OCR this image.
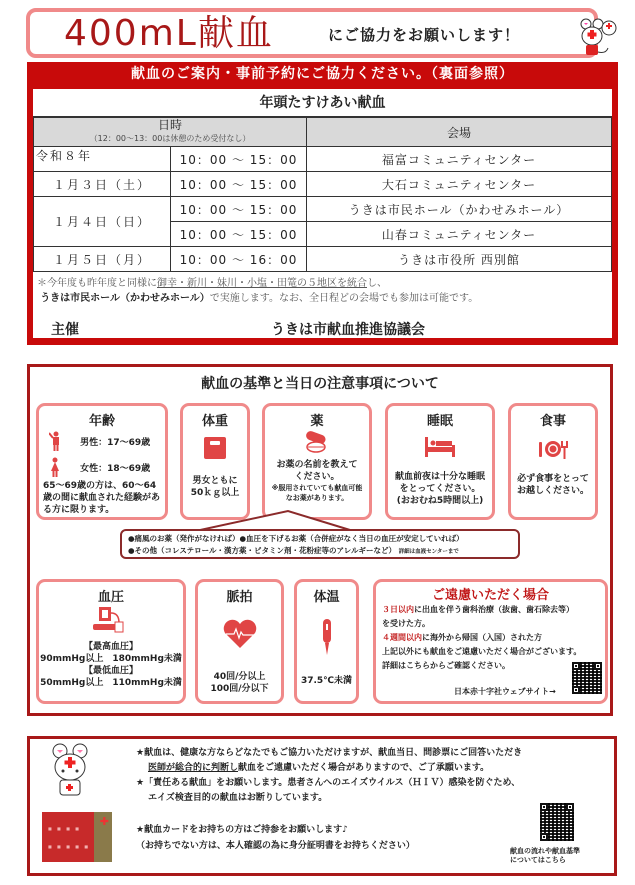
400mL献血	にご協力をお願いします！
献血のご案内・事前予約にご協力ください。（裏面参照）
年頭たすけあい献血
日時
（12：00～13：00は休憩のため受付なし）		会場
令和８年	10：00 ～ 15：00	福富コミュニティセンター
１月３日（土）	10：00 ～ 15：00	大石コミュニティセンター
１月４日（日）	10：00 ～ 15：00	うきは市民ホール（かわせみホール）
	10：00 ～ 15：00	山春コミュニティセンター
１月５日（月）	10：00 ～ 16：00	うきは市役所 西別館
＊今年度も昨年度と同様に御幸・新川・妹川・小塩・田篭の５地区を統合し、
うきは市民ホール（かわせみホール）で実施します。なお、全日程どの会場でも参加は可能です。
主催	うきは市献血推進協議会
献血の基準と当日の注意事項について
年齢
男性：17～69歳
女性：18～69歳
65～69歳の方は、60～64歳の間に献血された経験がある方に限ります。
体重
男女ともに
50ｋｇ以上
薬
お薬の名前を教えて
ください。
※服用されていても献血可能
なお薬があります。
睡眠
献血前夜は十分な睡眠
をとってください。
(おおむね5時間以上)
食事
必ず食事をとって
お越しください。
●痛風のお薬（発作がなければ）●血圧を下げるお薬（合併症がなく当日の血圧が安定していれば）
●その他（コレステロール・漢方薬・ビタミン剤・花粉症等のアレルギーなど） 詳細は血液センターまで
血圧
【最高血圧】
90mmHg以上　180mmHg未満
【最低血圧】
50mmHg以上　110mmHg未満
脈拍
40回/分以上
100回/分以下
体温
37.5℃未満
ご遠慮いただく場合
３日以内に出血を伴う歯科治療（抜歯、歯石除去等）
を受けた方。
４週間以内に海外から帰国（入国）された方
上記以外にも献血をご遠慮いただく場合がございます。
詳細はこちらからご確認ください。
日本赤十字社ウェブサイト→
★献血は、健康な方ならどなたでもご協力いただけますが、献血当日、問診票にご回答いただき
医師が総合的に判断し献血をご遠慮いただく場合がありますので、ご了承願います。
★「責任ある献血」をお願いします。患者さんへのエイズウイルス（ＨＩＶ）感染を防ぐため、
エイズ検査目的の献血はお断りしています。
★献血カードをお持ちの方はご持参をお願いします♪
（お持ちでない方は、本人確認の為に身分証明書をお持ちください）
✚
■ ■ ■ ■
■ ■ ■ ■ ■
献血の流れや献血基準
についてはこちら
